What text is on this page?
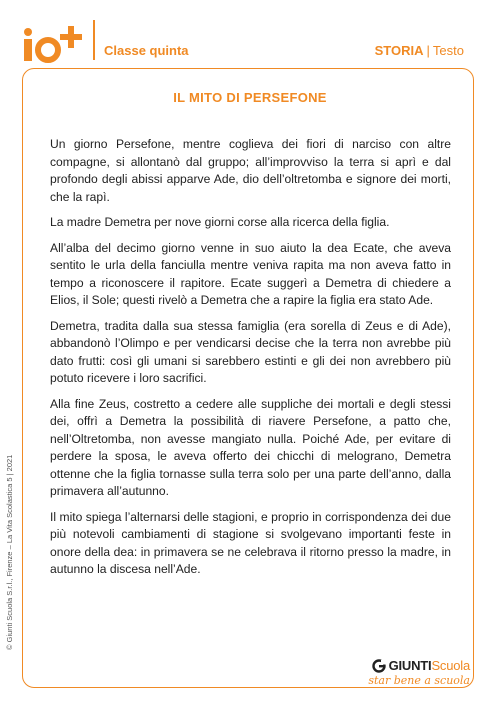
Classe quinta	STORIA | Testo
IL MITO DI PERSEFONE

Un giorno Persefone, mentre coglieva dei fiori di narciso con altre compagne, si allontanò dal gruppo; all’improvviso la terra si aprì e dal profondo degli abissi apparve Ade, dio dell’oltretomba e signore dei morti, che la rapì.

La madre Demetra per nove giorni corse alla ricerca della figlia.

All’alba del decimo giorno venne in suo aiuto la dea Ecate, che aveva sentito le urla della fanciulla mentre veniva rapita ma non aveva fatto in tempo a riconoscere il rapitore. Ecate suggerì a Demetra di chiedere a Elios, il Sole; questi rivelò a Demetra che a rapire la figlia era stato Ade.

Demetra, tradita dalla sua stessa famiglia (era sorella di Zeus e di Ade), abbandonò l’Olimpo e per vendicarsi decise che la terra non avrebbe più dato frutti: così gli umani si sarebbero estinti e gli dei non avrebbero più potuto ricevere i loro sacrifici.

Alla fine Zeus, costretto a cedere alle suppliche dei mortali e degli stessi dei, offrì a Demetra la possibilità di riavere Persefone, a patto che, nell’Oltretomba, non avesse mangiato nulla. Poiché Ade, per evitare di perdere la sposa, le aveva offerto dei chicchi di melograno, Demetra ottenne che la figlia tornasse sulla terra solo per una parte dell’anno, dalla primavera all’autunno.

Il mito spiega l’alternarsi delle stagioni, e proprio in corrispondenza dei due più notevoli cambiamenti di stagione si svolgevano importanti feste in onore della dea: in primavera se ne celebrava il ritorno presso la madre, in autunno la discesa nell’Ade.

© Giunti Scuola S.r.l., Firenze – La Vita Scolastica 5 | 2021
GIUNTIScuola
star bene a scuola
